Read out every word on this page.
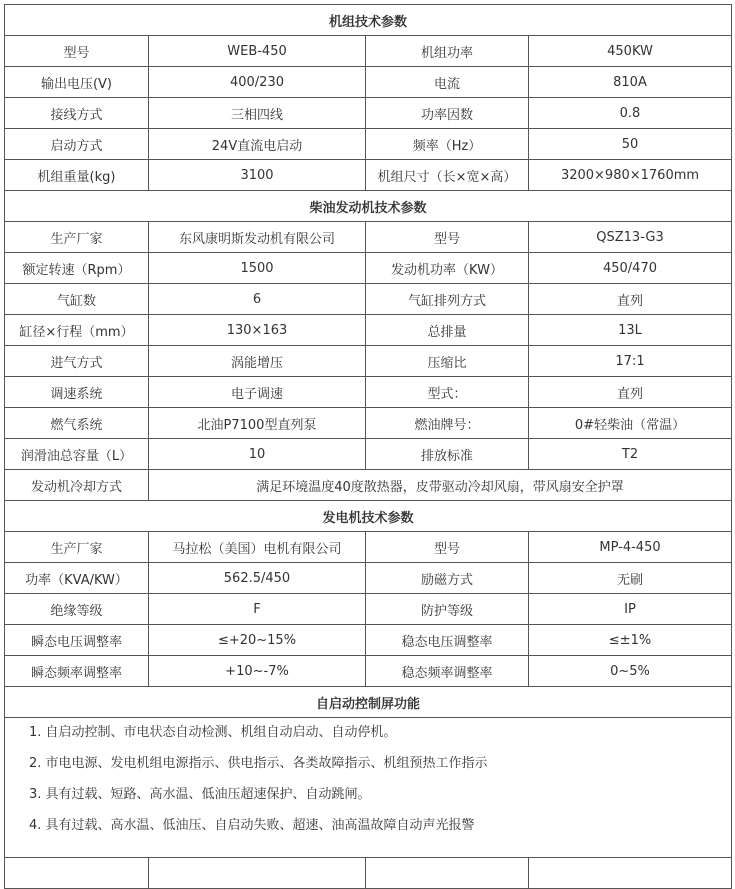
机组技术参数			
型号	WEB-450	机组功率	450KW
输出电压(V)	400/230	电流	810A
接线方式	三相四线	功率因数	0.8
启动方式	24V直流电启动	频率（Hz）	50
机组重量(kg)	3100	机组尺寸（长×宽×高）	3200×980×1760mm
柴油发动机技术参数			
生产厂家	东风康明斯发动机有限公司	型号	QSZ13-G3
额定转速（Rpm）	1500	发动机功率（KW）	450/470
气缸数	6	气缸排列方式	直列
缸径×行程（mm）	130×163	总排量	13L
进气方式	涡能增压	压缩比	17:1
调速系统	电子调速	型式：	直列
燃气系统	北油P7100型直列泵	燃油牌号：	0#轻柴油（常温）
润滑油总容量（L）	10	排放标准	T2
发动机冷却方式	满足环境温度40度散热器，皮带驱动冷却风扇，带风扇安全护罩		
发电机技术参数			
生产厂家	马拉松（美国）电机有限公司	型号	MP-4-450
功率（KVA/KW）	562.5/450	励磁方式	无刷
绝缘等级	F	防护等级	IP
瞬态电压调整率	≤+20~15%	稳态电压调整率	≤±1%
瞬态频率调整率	+10~-7%	稳态频率调整率	0~5%
自启动控制屏功能			

1. 自启动控制、市电状态自动检测、机组自动启动、自动停机。
2. 市电电源、发电机组电源指示、供电指示、各类故障指示、机组预热工作指示
3. 具有过载、短路、高水温、低油压超速保护、自动跳闸。
4. 具有过载、高水温、低油压、自启动失败、超速、油高温故障自动声光报警			
